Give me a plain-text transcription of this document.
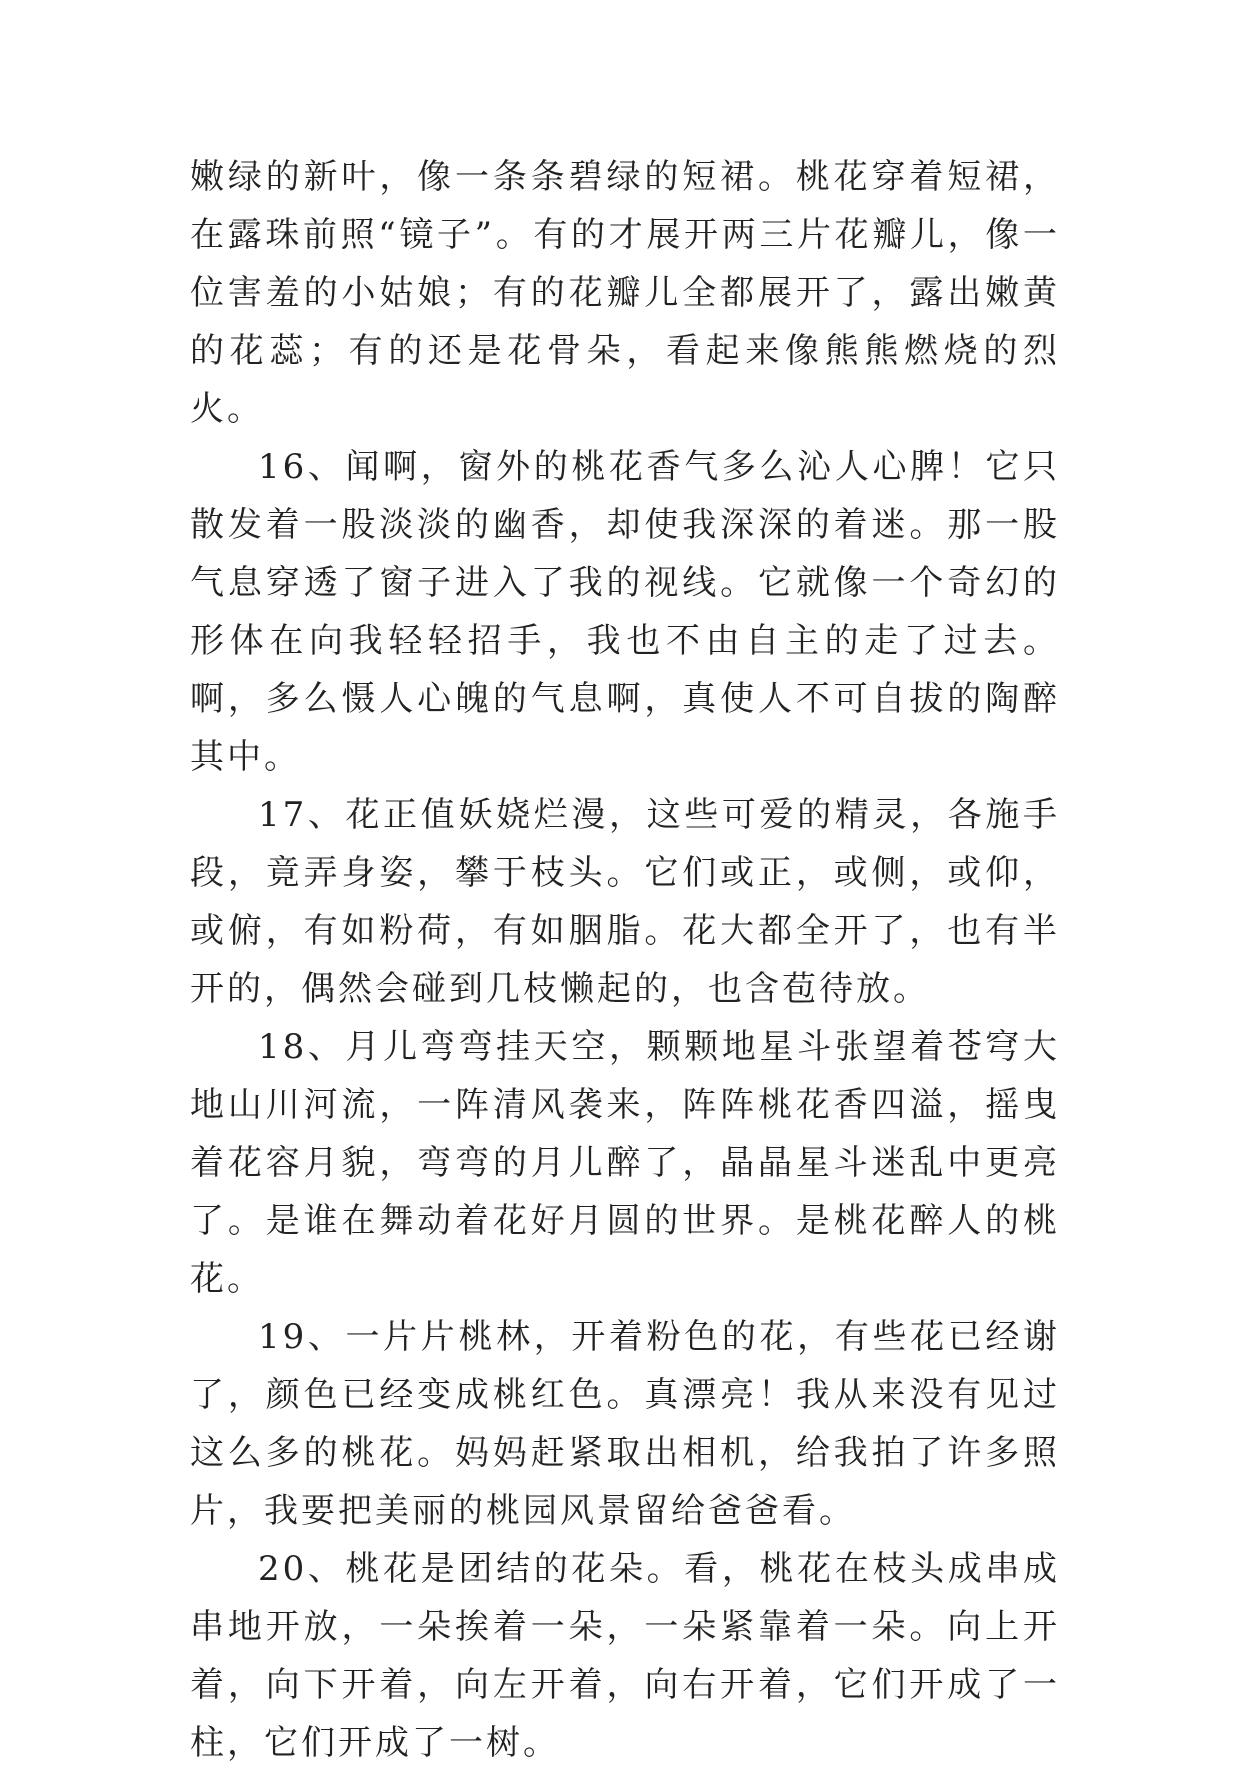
嫩绿的新叶，像一条条碧绿的短裙。桃花穿着短裙，在露珠前照“镜子”。有的才展开两三片花瓣儿，像一位害羞的小姑娘；有的花瓣儿全都展开了，露出嫩黄的花蕊；有的还是花骨朵，看起来像熊熊燃烧的烈火。

16、闻啊，窗外的桃花香气多么沁人心脾！它只散发着一股淡淡的幽香，却使我深深的着迷。那一股气息穿透了窗子进入了我的视线。它就像一个奇幻的形体在向我轻轻招手，我也不由自主的走了过去。啊，多么慑人心魄的气息啊，真使人不可自拔的陶醉其中。

17、花正值妖娆烂漫，这些可爱的精灵，各施手段，竟弄身姿，攀于枝头。它们或正，或侧，或仰，或俯，有如粉荷，有如胭脂。花大都全开了，也有半开的，偶然会碰到几枝懒起的，也含苞待放。

18、月儿弯弯挂天空，颗颗地星斗张望着苍穹大地山川河流，一阵清风袭来，阵阵桃花香四溢，摇曳着花容月貌，弯弯的月儿醉了，晶晶星斗迷乱中更亮了。是谁在舞动着花好月圆的世界。是桃花醉人的桃花。

19、一片片桃林，开着粉色的花，有些花已经谢了，颜色已经变成桃红色。真漂亮！我从来没有见过这么多的桃花。妈妈赶紧取出相机，给我拍了许多照片，我要把美丽的桃园风景留给爸爸看。

20、桃花是团结的花朵。看，桃花在枝头成串成串地开放，一朵挨着一朵，一朵紧靠着一朵。向上开着，向下开着，向左开着，向右开着，它们开成了一柱，它们开成了一树。
